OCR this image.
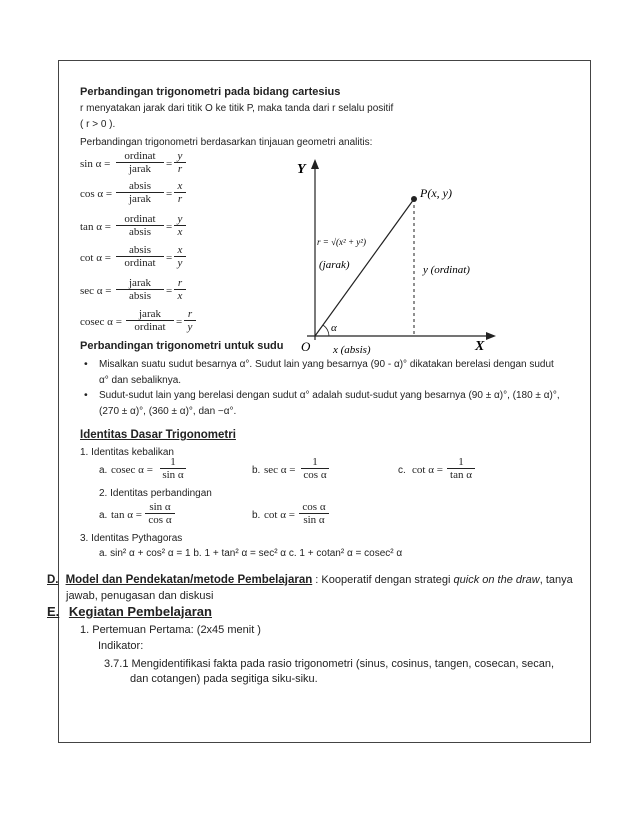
Perbandingan trigonometri pada bidang cartesius
r menyatakan jarak dari titik O ke titik P, maka tanda dari r selalu positif
( r > 0 ).
Perbandingan trigonometri berdasarkan tinjauan geometri analitis:
sin α =
ordinat
jarak	= $\frac{y}{r}$
cos α =
absis
jarak	= $\frac{x}{r}$
tan α =
ordinat
absis	= $\frac{y}{x}$
cot α =
absis
ordinat = $\frac{x}{y}$
sec α =
jarak
absis	= $\frac{r}{x}$
cosec α =
jarak
ordinat = $\frac{r}{y}$
Y
X
O
P(x, y)
r = √(x² + y²)
(jarak)	y (ordinat)
x (absis)
α
Perbandingan trigonometri untuk sudu
• Misalkan suatu sudut besarnya α°. Sudut lain yang besarnya (90 - α)° dikatakan berelasi dengan sudut
α° dan sebaliknya.
• Sudut-sudut lain yang berelasi dengan sudut α° adalah sudut-sudut yang besarnya (90 ± α)°, (180 ± α)°,
(270 ± α)°, (360 ± α)°, dan −α°.
Identitas Dasar Trigonometri
1. Identitas kebalikan
a. cosec $\alpha = \frac{1}{\text{sin α}}$	b. $\sec \alpha = \frac{1}{\text{cos α}}$	c. $\cot \alpha = \frac{1}{\text{tan α}}$
2. Identitas perbandingan
a. $\tan \alpha = \frac{\text{sin α}}{\text{cos α}}$	b. $\cot \alpha = \frac{\text{cos α}}{\text{sin α}}$
3. Identitas Pythagoras
a. sin² α + cos² α = 1 b. 1 + tan² α = sec² α c. 1 + cotan² α = cosec² α
D. Model dan Pendekatan/metode Pembelajaran : Kooperatif dengan strategi quick on the draw, tanya
jawab, penugasan dan diskusi
E. Kegiatan Pembelajaran
1. Pertemuan Pertama: (2x45 menit )
Indikator:
3.7.1 Mengidentifikasi fakta pada rasio trigonometri (sinus, cosinus, tangen, cosecan, secan,
dan cotangen) pada segitiga siku-siku.
